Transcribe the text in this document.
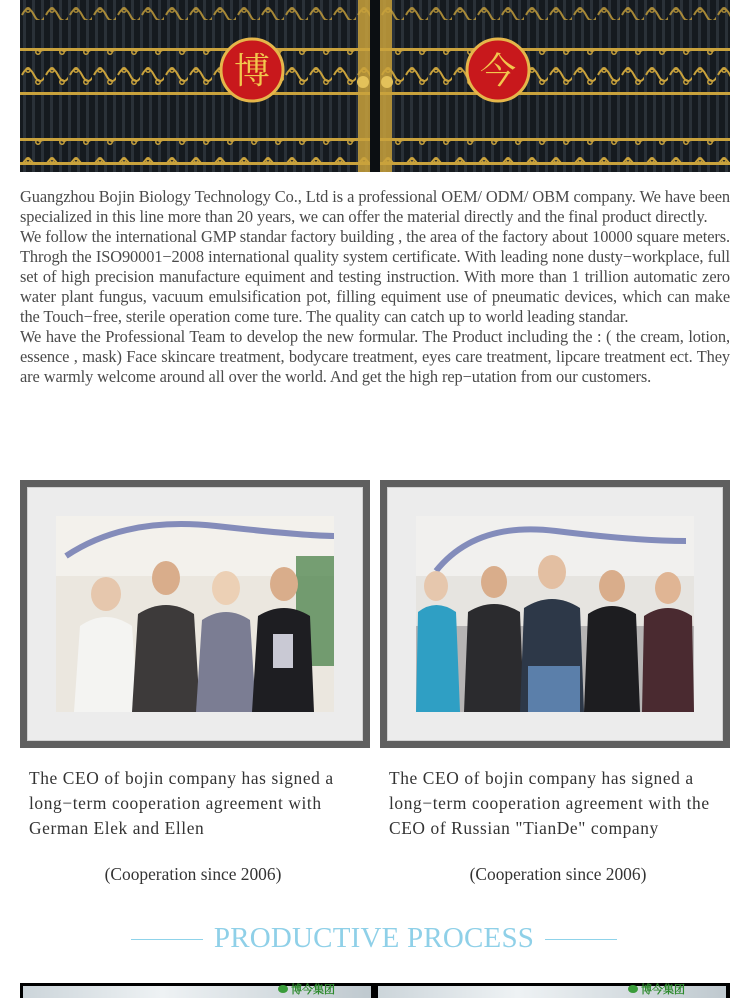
博	今

Guangzhou Bojin Biology Technology Co., Ltd is a professional OEM/ ODM/ OBM company. We have been specialized in this line more than 20 years, we can offer the material directly and the final product directly.

We follow the international GMP standar factory building , the area of the factory about 10000 square meters. Throgh the ISO90001−2008 international quality system certificate. With leading none dusty−workplace, full set of high precision manufacture equiment and testing instruction. With more than 1 trillion automatic zero water plant fungus, vacuum emulsification pot, filling equiment use of pneumatic devices, which can make the Touch−free, sterile operation come ture. The quality can catch up to world leading standar.

We have the Professional Team to develop the new formular. The Product including the : ( the cream, lotion, essence , mask) Face skincare treatment, bodycare treatment, eyes care treatment, lipcare treatment ect. They are warmly welcome around all over the world. And get the high rep−utation from our customers.

The CEO of bojin company has signed a long−term cooperation agreement with German Elek and Ellen
The CEO of bojin company has signed a long−term cooperation agreement with the CEO of Russian "TianDe" company
(Cooperation since 2006)	(Cooperation since 2006)
PRODUCTIVE PROCESS
博今集团	博今集团
